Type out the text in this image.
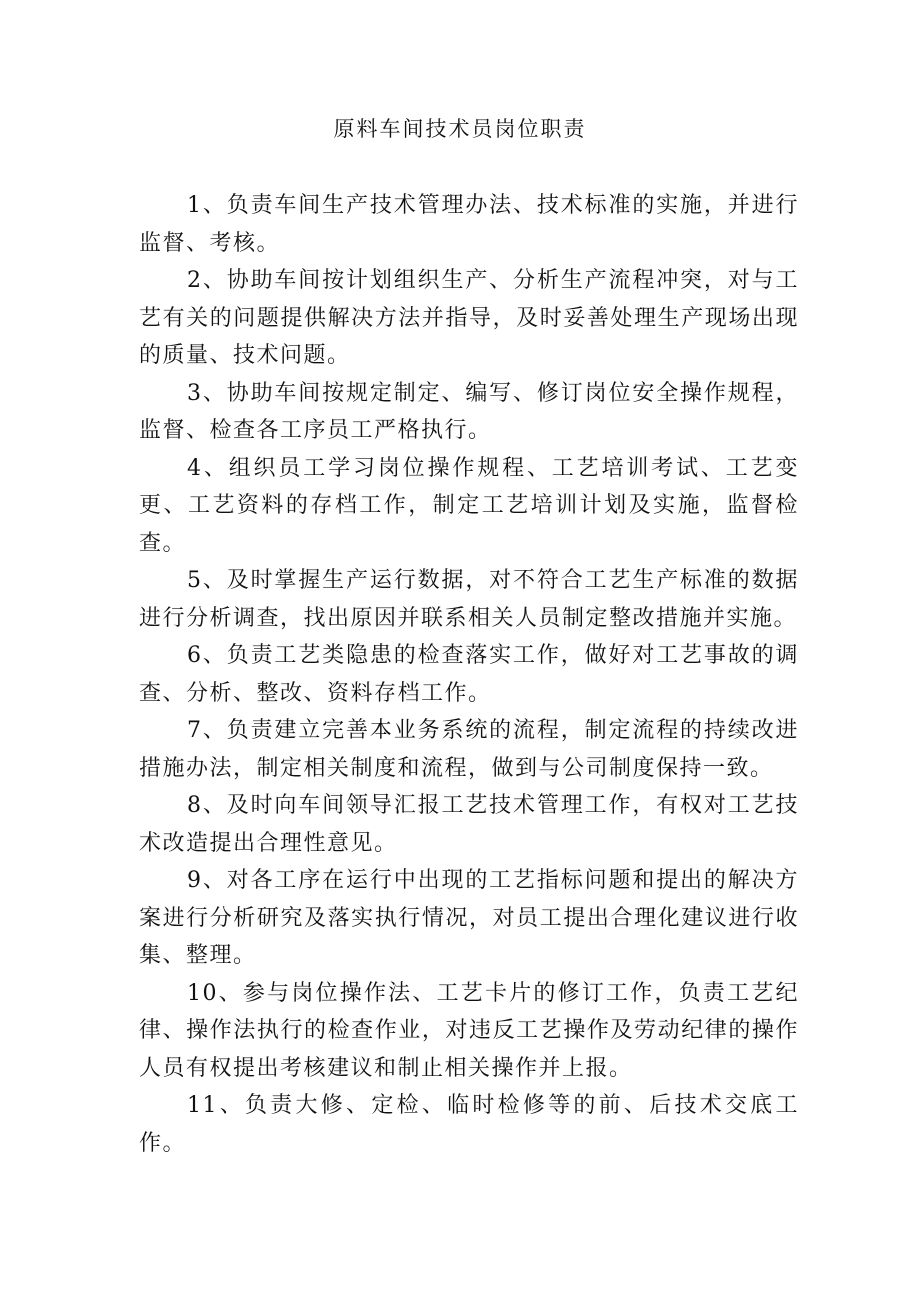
原料车间技术员岗位职责

1、负责车间生产技术管理办法、技术标准的实施，并进行监督、考核。

2、协助车间按计划组织生产、分析生产流程冲突，对与工艺有关的问题提供解决方法并指导，及时妥善处理生产现场出现的质量、技术问题。

3、协助车间按规定制定、编写、修订岗位安全操作规程，监督、检查各工序员工严格执行。

4、组织员工学习岗位操作规程、工艺培训考试、工艺变更、工艺资料的存档工作，制定工艺培训计划及实施，监督检查。

5、及时掌握生产运行数据，对不符合工艺生产标准的数据进行分析调查，找出原因并联系相关人员制定整改措施并实施。

6、负责工艺类隐患的检查落实工作，做好对工艺事故的调查、分析、整改、资料存档工作。

7、负责建立完善本业务系统的流程，制定流程的持续改进措施办法，制定相关制度和流程，做到与公司制度保持一致。

8、及时向车间领导汇报工艺技术管理工作，有权对工艺技术改造提出合理性意见。

9、对各工序在运行中出现的工艺指标问题和提出的解决方案进行分析研究及落实执行情况，对员工提出合理化建议进行收集、整理。

10、参与岗位操作法、工艺卡片的修订工作，负责工艺纪律、操作法执行的检查作业，对违反工艺操作及劳动纪律的操作人员有权提出考核建议和制止相关操作并上报。

11、负责大修、定检、临时检修等的前、后技术交底工作。
